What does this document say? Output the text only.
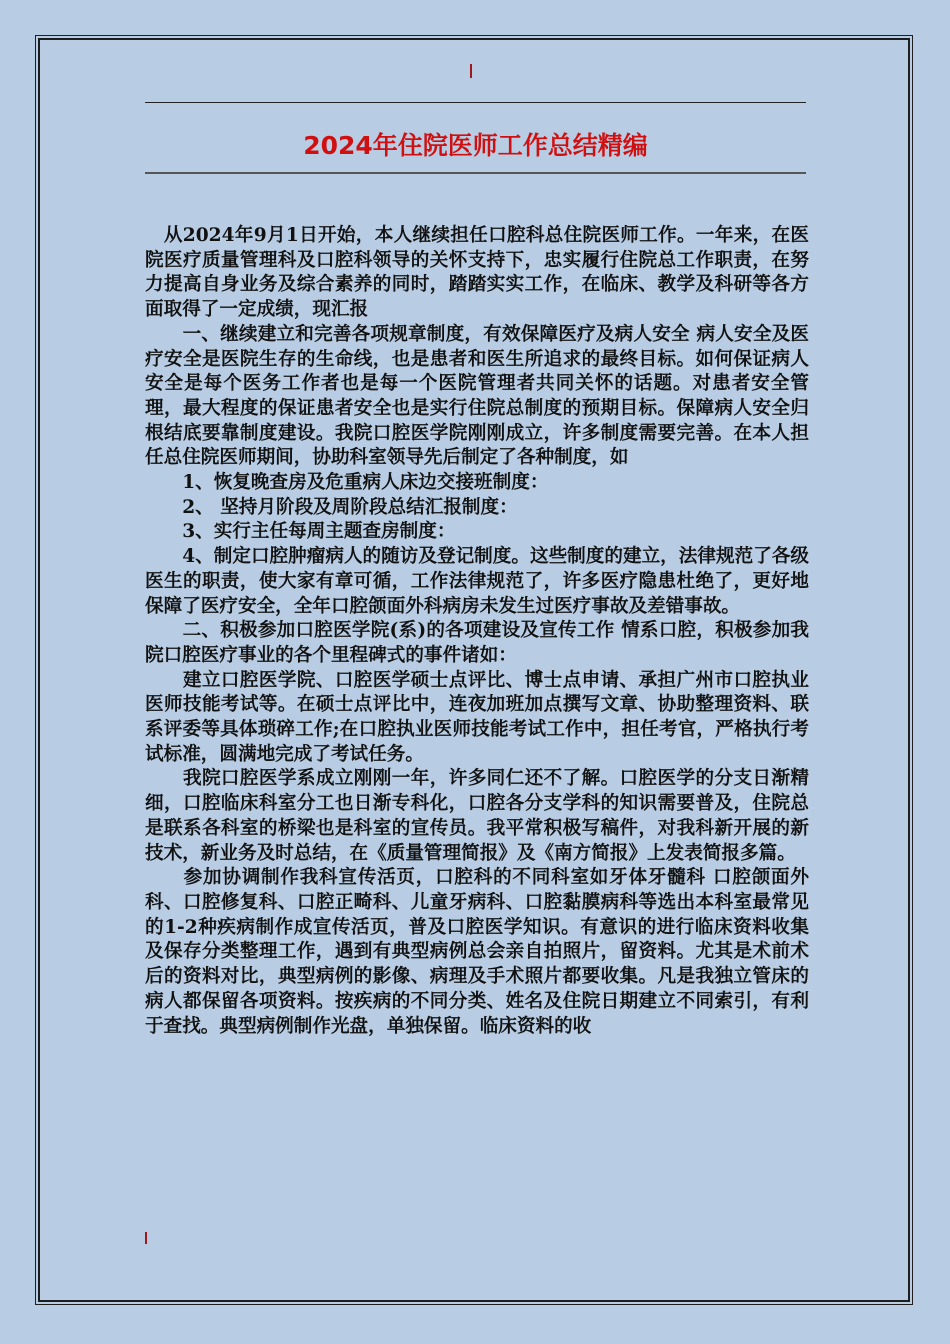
2024年住院医师工作总结精编

　从2024年9月1日开始，本人继续担任口腔科总住院医师工作。一年来，在医院医疗质量管理科及口腔科领导的关怀支持下，忠实履行住院总工作职责，在努力提高自身业务及综合素养的同时，踏踏实实工作，在临床、教学及科研等各方面取得了一定成绩，现汇报

　　一、继续建立和完善各项规章制度，有效保障医疗及病人安全 病人安全及医疗安全是医院生存的生命线，也是患者和医生所追求的最终目标。如何保证病人安全是每个医务工作者也是每一个医院管理者共同关怀的话题。对患者安全管理，最大程度的保证患者安全也是实行住院总制度的预期目标。保障病人安全归根结底要靠制度建设。我院口腔医学院刚刚成立，许多制度需要完善。在本人担任总住院医师期间，协助科室领导先后制定了各种制度，如

　　1、恢复晚查房及危重病人床边交接班制度：

　　2、 坚持月阶段及周阶段总结汇报制度：

　　3、实行主任每周主题查房制度：

　　4、制定口腔肿瘤病人的随访及登记制度。这些制度的建立，法律规范了各级医生的职责，使大家有章可循，工作法律规范了，许多医疗隐患杜绝了，更好地保障了医疗安全，全年口腔颌面外科病房未发生过医疗事故及差错事故。

　　二、积极参加口腔医学院(系)的各项建设及宣传工作 情系口腔，积极参加我院口腔医疗事业的各个里程碑式的事件诸如：

　　建立口腔医学院、口腔医学硕士点评比、博士点申请、承担广州市口腔执业医师技能考试等。在硕士点评比中，连夜加班加点撰写文章、协助整理资料、联系评委等具体琐碎工作;在口腔执业医师技能考试工作中，担任考官，严格执行考试标准，圆满地完成了考试任务。

　　我院口腔医学系成立刚刚一年，许多同仁还不了解。口腔医学的分支日渐精细，口腔临床科室分工也日渐专科化，口腔各分支学科的知识需要普及，住院总是联系各科室的桥梁也是科室的宣传员。我平常积极写稿件，对我科新开展的新技术，新业务及时总结，在《质量管理简报》及《南方简报》上发表简报多篇。

　　参加协调制作我科宣传活页，口腔科的不同科室如牙体牙髓科 口腔颌面外科、口腔修复科、口腔正畸科、儿童牙病科、口腔黏膜病科等选出本科室最常见的1-2种疾病制作成宣传活页，普及口腔医学知识。有意识的进行临床资料收集及保存分类整理工作，遇到有典型病例总会亲自拍照片，留资料。尤其是术前术后的资料对比，典型病例的影像、病理及手术照片都要收集。凡是我独立管床的病人都保留各项资料。按疾病的不同分类、姓名及住院日期建立不同索引，有利于查找。典型病例制作光盘，单独保留。临床资料的收
